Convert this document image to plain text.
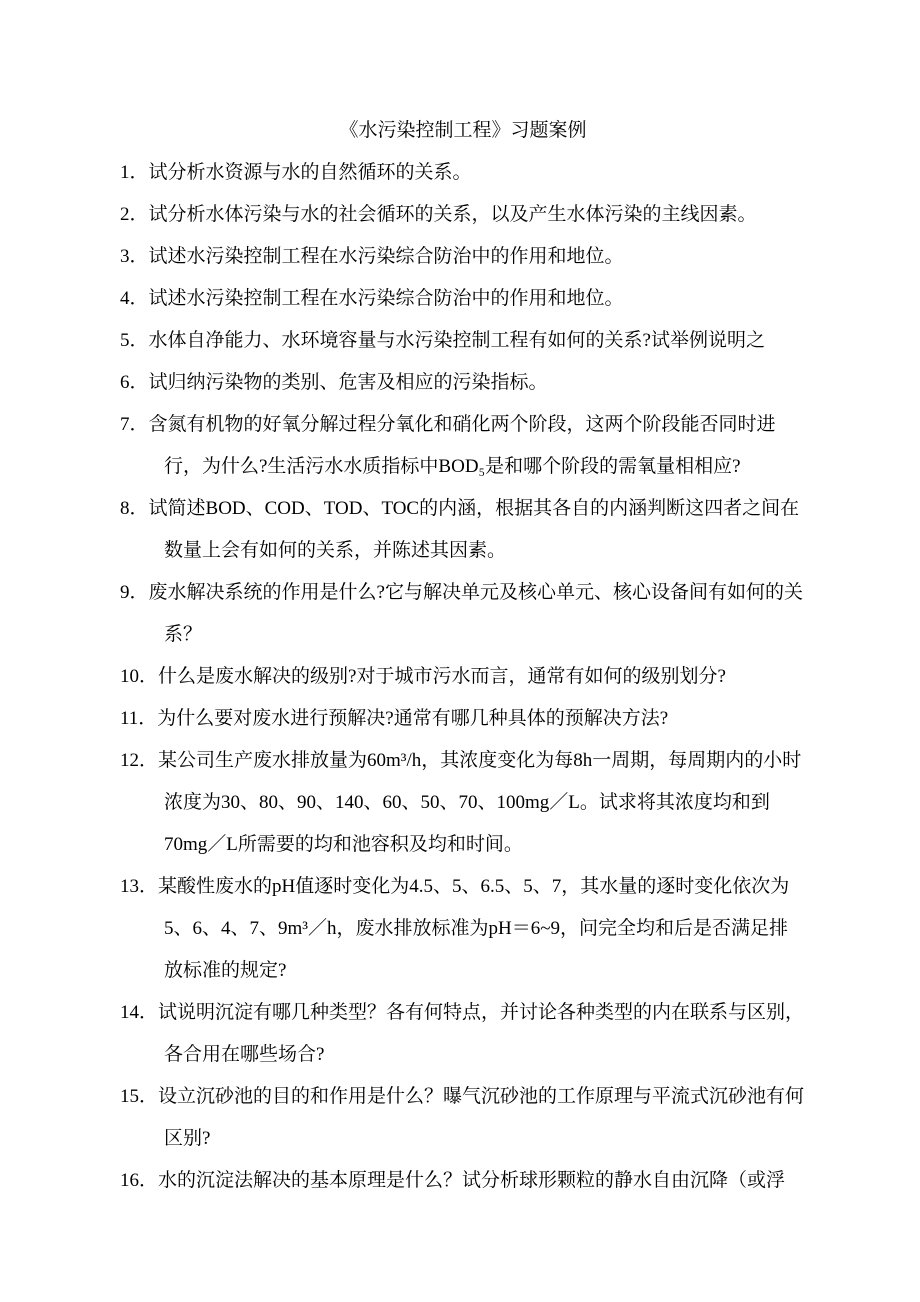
《水污染控制工程》习题案例
1．试分析水资源与水的自然循环的关系。
2．试分析水体污染与水的社会循环的关系，以及产生水体污染的主线因素。
3．试述水污染控制工程在水污染综合防治中的作用和地位。
4．试述水污染控制工程在水污染综合防治中的作用和地位。
5．水体自净能力、水环境容量与水污染控制工程有如何的关系?试举例说明之
6．试归纳污染物的类别、危害及相应的污染指标。
7．含氮有机物的好氧分解过程分氧化和硝化两个阶段，这两个阶段能否同时进行，为什么?生活污水水质指标中BOD₅是和哪个阶段的需氧量相相应?
8．试简述BOD、COD、TOD、TOC的内涵，根据其各自的内涵判断这四者之间在数量上会有如何的关系，并陈述其因素。
9．废水解决系统的作用是什么?它与解决单元及核心单元、核心设备间有如何的关系？
10．什么是废水解决的级别?对于城市污水而言，通常有如何的级别划分?
11．为什么要对废水进行预解决?通常有哪几种具体的预解决方法?
12．某公司生产废水排放量为60m³/h，其浓度变化为每8h一周期，每周期内的小时浓度为30、80、90、140、60、50、70、100mg／L。试求将其浓度均和到70mg／L所需要的均和池容积及均和时间。
13．某酸性废水的pH值逐时变化为4.5、5、6.5、5、7，其水量的逐时变化依次为5、6、4、7、9m³／h，废水排放标准为pH＝6~9，问完全均和后是否满足排放标准的规定?
14．试说明沉淀有哪几种类型？各有何特点，并讨论各种类型的内在联系与区别，各合用在哪些场合?
15．设立沉砂池的目的和作用是什么？曝气沉砂池的工作原理与平流式沉砂池有何区别?
16．水的沉淀法解决的基本原理是什么？试分析球形颗粒的静水自由沉降（或浮
